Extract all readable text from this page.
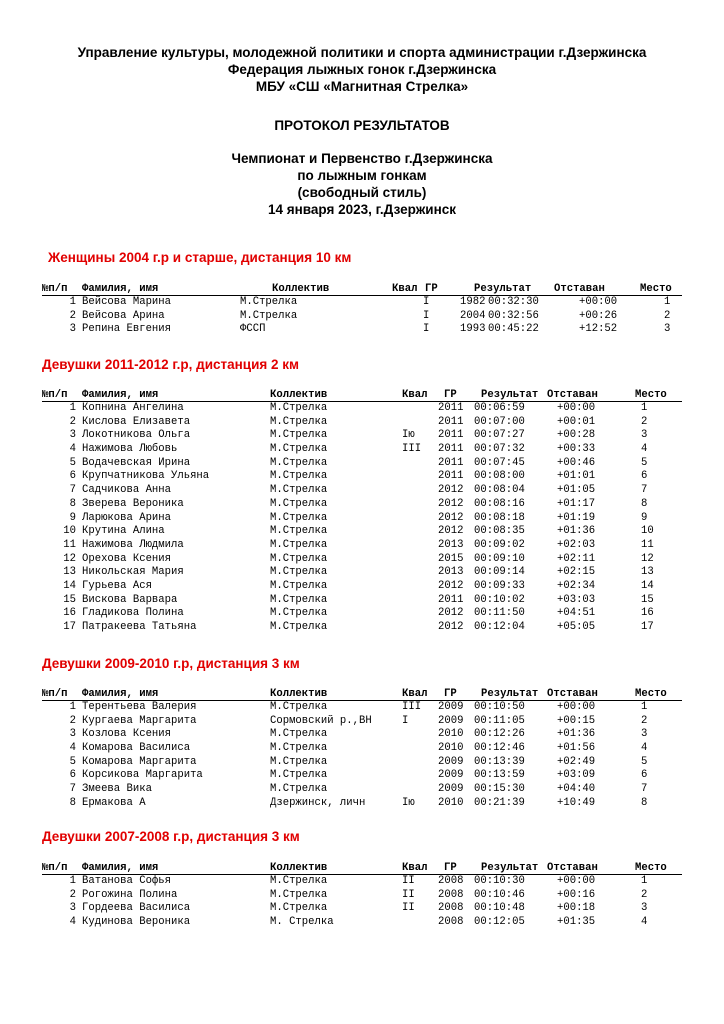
Управление культуры, молодежной политики и спорта администрации г.Дзержинска
Федерация лыжных гонок г.Дзержинска
МБУ «СШ «Магнитная Стрелка»
ПРОТОКОЛ РЕЗУЛЬТАТОВ
Чемпионат и Первенство г.Дзержинска
по лыжным гонкам
(свободный стиль)
14 января 2023, г.Дзержинск
Женщины 2004 г.р и старше, дистанция 10 км
№п/п Фамилия, имя	Коллектив	Квал ГР	Результат Отставан	Место
1 Вейсова Марина	М.Стрелка	I	1982 00:32:30	+00:00	1
2 Вейсова Арина	М.Стрелка	I	2004 00:32:56	+00:26	2
3 Репина Евгения	ФССП	I	1993 00:45:22	+12:52	3
Девушки 2011-2012 г.р, дистанция 2 км
№п/п Фамилия, имя	Коллектив	Квал ГР Результат Отставан	Место
1 Копнина Ангелина	М.Стрелка	2011 00:06:59	+00:00	1
2 Кислова Елизавета	М.Стрелка	2011 00:07:00	+00:01	2
3 Локотникова Ольга	М.Стрелка	Iю 2011 00:07:27	+00:28	3
4 Нажимова Любовь	М.Стрелка	III 2011 00:07:32	+00:33	4
5 Водачевская Ирина	М.Стрелка	2011 00:07:45	+00:46	5
6 Крупчатникова Ульяна	М.Стрелка	2011 00:08:00	+01:01	6
7 Садчикова Анна	М.Стрелка	2012 00:08:04	+01:05	7
8 Зверева Вероника	М.Стрелка	2012 00:08:16	+01:17	8
9 Ларюкова Арина	М.Стрелка	2012 00:08:18	+01:19	9
10 Крутина Алина	М.Стрелка	2012 00:08:35	+01:36	10
11 Нажимова Людмила	М.Стрелка	2013 00:09:02	+02:03	11
12 Орехова Ксения	М.Стрелка	2015 00:09:10	+02:11	12
13 Никольская Мария	М.Стрелка	2013 00:09:14	+02:15	13
14 Гурьева Ася	М.Стрелка	2012 00:09:33	+02:34	14
15 Вискова Варвара	М.Стрелка	2011 00:10:02	+03:03	15
16 Гладикова Полина	М.Стрелка	2012 00:11:50	+04:51	16
17 Патракеева Татьяна	М.Стрелка	2012 00:12:04	+05:05	17
Девушки 2009-2010 г.р, дистанция 3 км
№п/п Фамилия, имя	Коллектив	Квал ГР Результат Отставан	Место
1 Терентьева Валерия	М.Стрелка	III 2009 00:10:50	+00:00	1
2 Кургаева Маргарита	Сормовский р.,ВН	I	2009 00:11:05	+00:15	2
3 Козлова Ксения	М.Стрелка	2010 00:12:26	+01:36	3
4 Комарова Василиса	М.Стрелка	2010 00:12:46	+01:56	4
5 Комарова Маргарита	М.Стрелка	2009 00:13:39	+02:49	5
6 Корсикова Маргарита	М.Стрелка	2009 00:13:59	+03:09	6
7 Змеева Вика	М.Стрелка	2009 00:15:30	+04:40	7
8 Ермакова А	Дзержинск, личн	Iю 2010 00:21:39	+10:49	8
Девушки 2007-2008 г.р, дистанция 3 км
№п/п Фамилия, имя	Коллектив	Квал ГР Результат Отставан	Место
1 Ватанова Софья	М.Стрелка	II 2008 00:10:30	+00:00	1
2 Рогожина Полина	М.Стрелка	II 2008 00:10:46	+00:16	2
3 Гордеева Василиса	М.Стрелка	II 2008 00:10:48	+00:18	3
4 Кудинова Вероника	М. Стрелка	2008 00:12:05	+01:35	4
